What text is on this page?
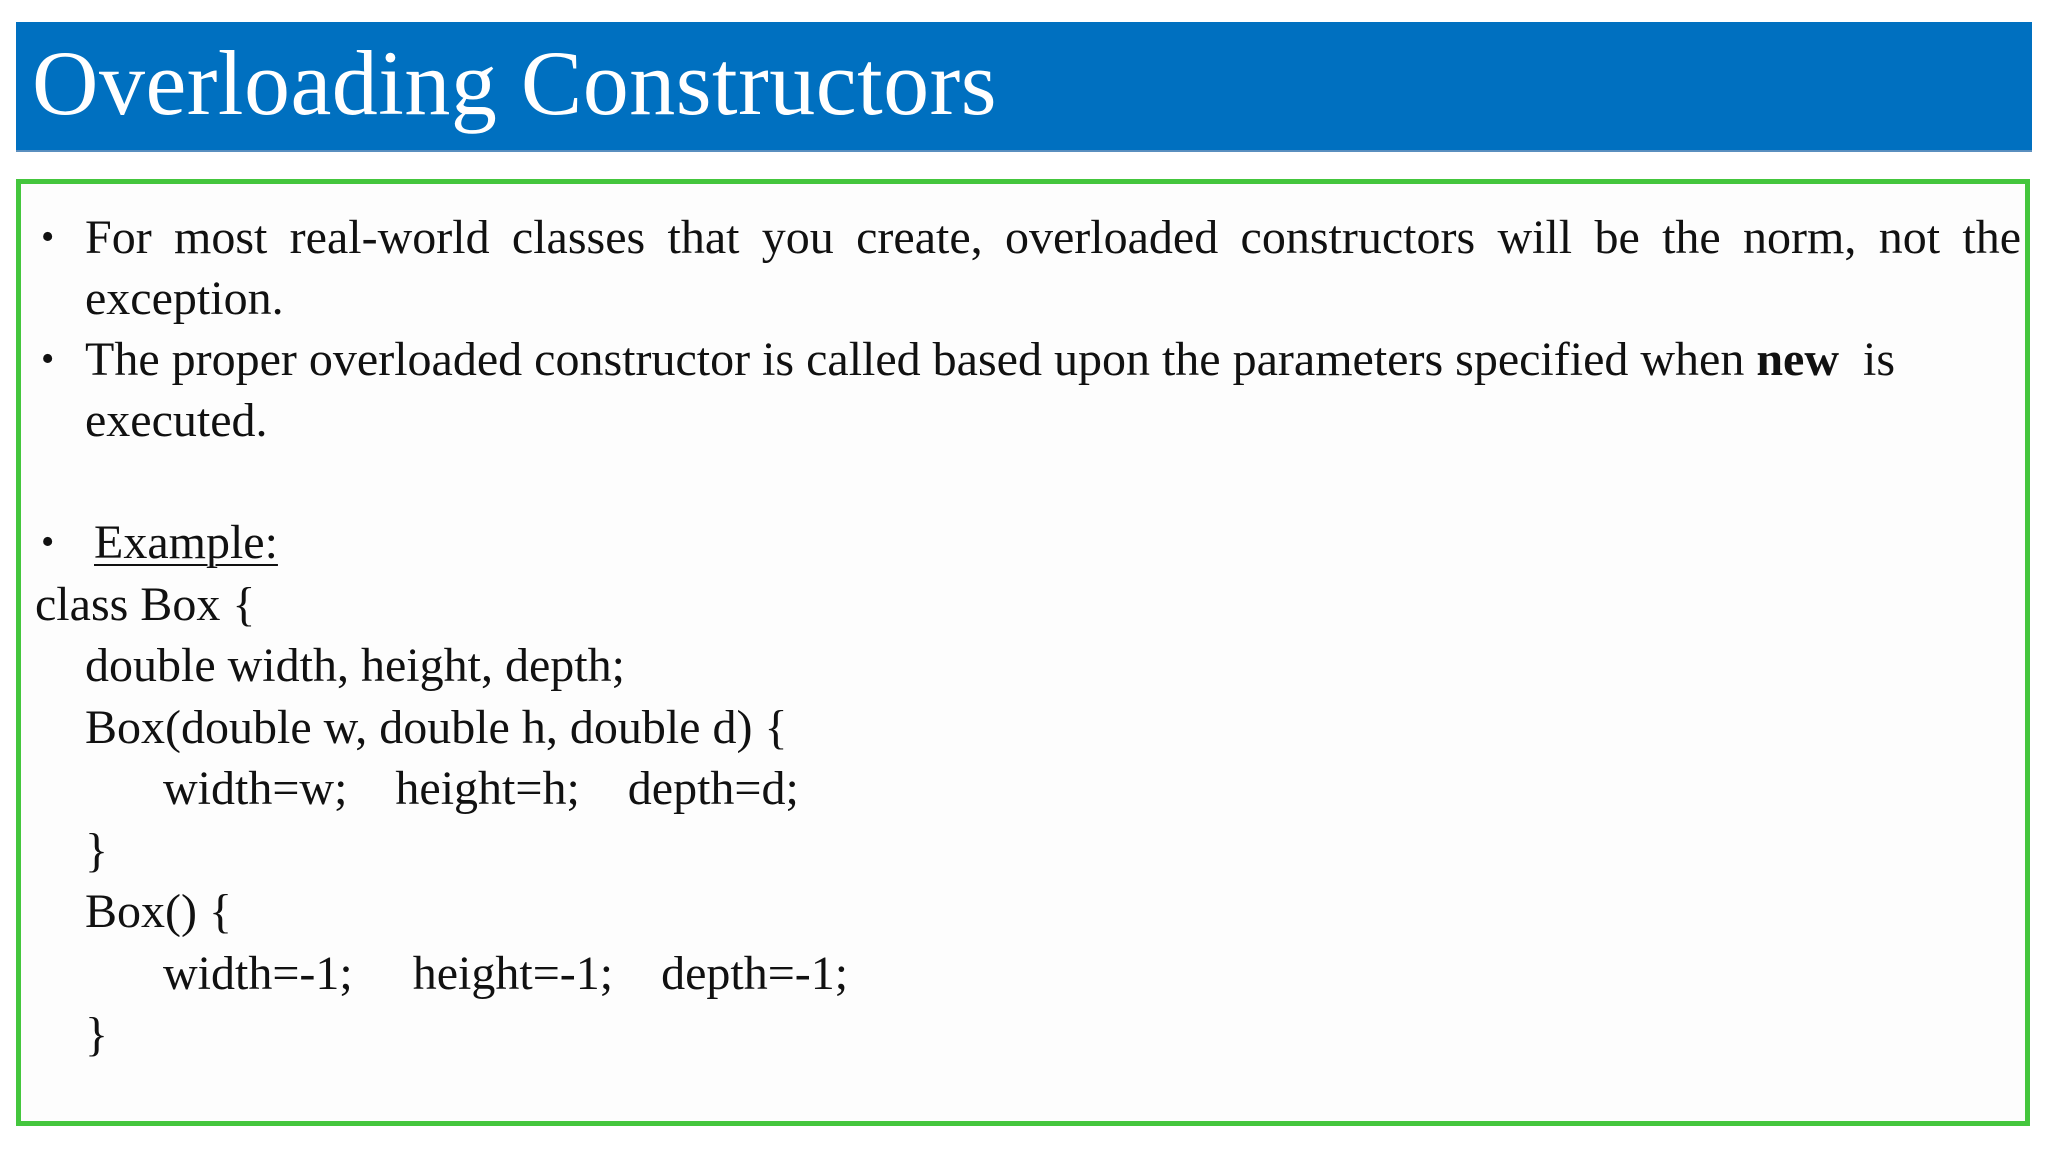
Overloading Constructors
• For most real-world classes that you create, overloaded constructors will be the norm, not the exception.
• The proper overloaded constructor is called based upon the parameters specified when new is
executed.
• Example:
class Box {
double width, height, depth;
Box(double w, double h, double d) {
width=w;    height=h;    depth=d;
}
Box() {
width=-1;     height=-1;    depth=-1;
}
